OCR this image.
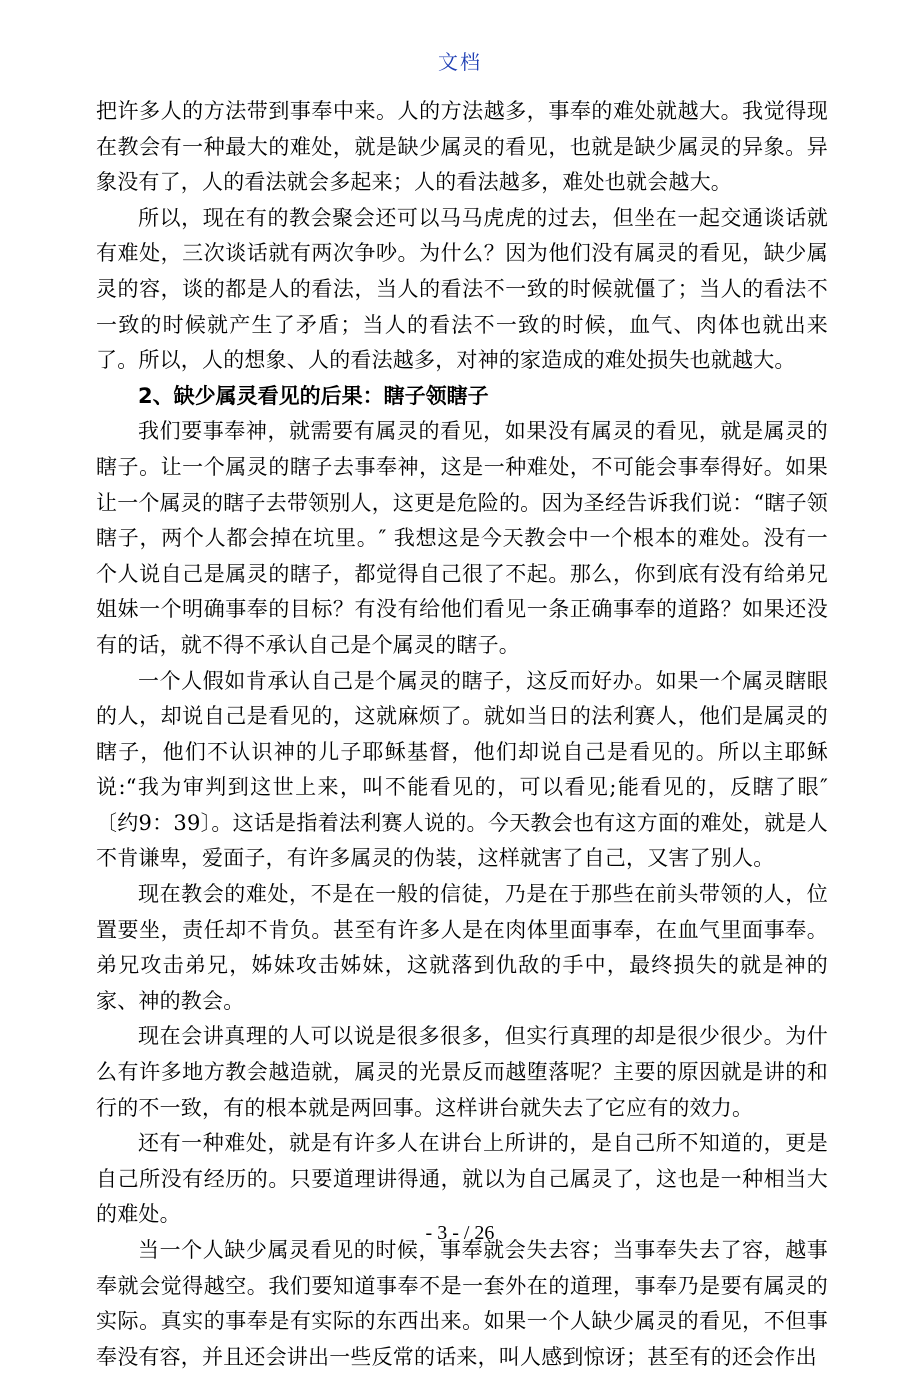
文档

把许多人的方法带到事奉中来。人的方法越多，事奉的难处就越大。我觉得现在教会有一种最大的难处，就是缺少属灵的看见，也就是缺少属灵的异象。异象没有了，人的看法就会多起来；人的看法越多，难处也就会越大。

所以，现在有的教会聚会还可以马马虎虎的过去，但坐在一起交通谈话就有难处，三次谈话就有两次争吵。为什么？因为他们没有属灵的看见，缺少属灵的容，谈的都是人的看法，当人的看法不一致的时候就僵了；当人的看法不一致的时候就产生了矛盾；当人的看法不一致的时候，血气、肉体也就出来了。所以，人的想象、人的看法越多，对神的家造成的难处损失也就越大。

2、缺少属灵看见的后果：瞎子领瞎子

我们要事奉神，就需要有属灵的看见，如果没有属灵的看见，就是属灵的瞎子。让一个属灵的瞎子去事奉神，这是一种难处，不可能会事奉得好。如果让一个属灵的瞎子去带领别人，这更是危险的。因为圣经告诉我们说：“瞎子领瞎子，两个人都会掉在坑里。″ 我想这是今天教会中一个根本的难处。没有一个人说自己是属灵的瞎子，都觉得自己很了不起。那么，你到底有没有给弟兄姐妹一个明确事奉的目标？有没有给他们看见一条正确事奉的道路？如果还没有的话，就不得不承认自己是个属灵的瞎子。

一个人假如肯承认自己是个属灵的瞎子，这反而好办。如果一个属灵瞎眼的人，却说自己是看见的，这就麻烦了。就如当日的法利赛人，他们是属灵的瞎子，他们不认识神的儿子耶稣基督，他们却说自己是看见的。所以主耶稣说:“我为审判到这世上来，叫不能看见的，可以看见;能看见的，反瞎了眼″〔约9：39〕。这话是指着法利赛人说的。今天教会也有这方面的难处，就是人不肯谦卑，爱面子，有许多属灵的伪装，这样就害了自己，又害了别人。

现在教会的难处，不是在一般的信徒，乃是在于那些在前头带领的人，位置要坐，责任却不肯负。甚至有许多人是在肉体里面事奉，在血气里面事奉。弟兄攻击弟兄，姊妹攻击姊妹，这就落到仇敌的手中，最终损失的就是神的家、神的教会。

现在会讲真理的人可以说是很多很多，但实行真理的却是很少很少。为什么有许多地方教会越造就，属灵的光景反而越堕落呢？主要的原因就是讲的和行的不一致，有的根本就是两回事。这样讲台就失去了它应有的效力。

还有一种难处，就是有许多人在讲台上所讲的，是自己所不知道的，更是自己所没有经历的。只要道理讲得通，就以为自己属灵了，这也是一种相当大的难处。

当一个人缺少属灵看见的时候，事奉就会失去容；当事奉失去了容，越事奉就会觉得越空。我们要知道事奉不是一套外在的道理，事奉乃是要有属灵的实际。真实的事奉是有实际的东西出来。如果一个人缺少属灵的看见，不但事奉没有容，并且还会讲出一些反常的话来，叫人感到惊讶；甚至有的还会作出

- 3 - / 26
